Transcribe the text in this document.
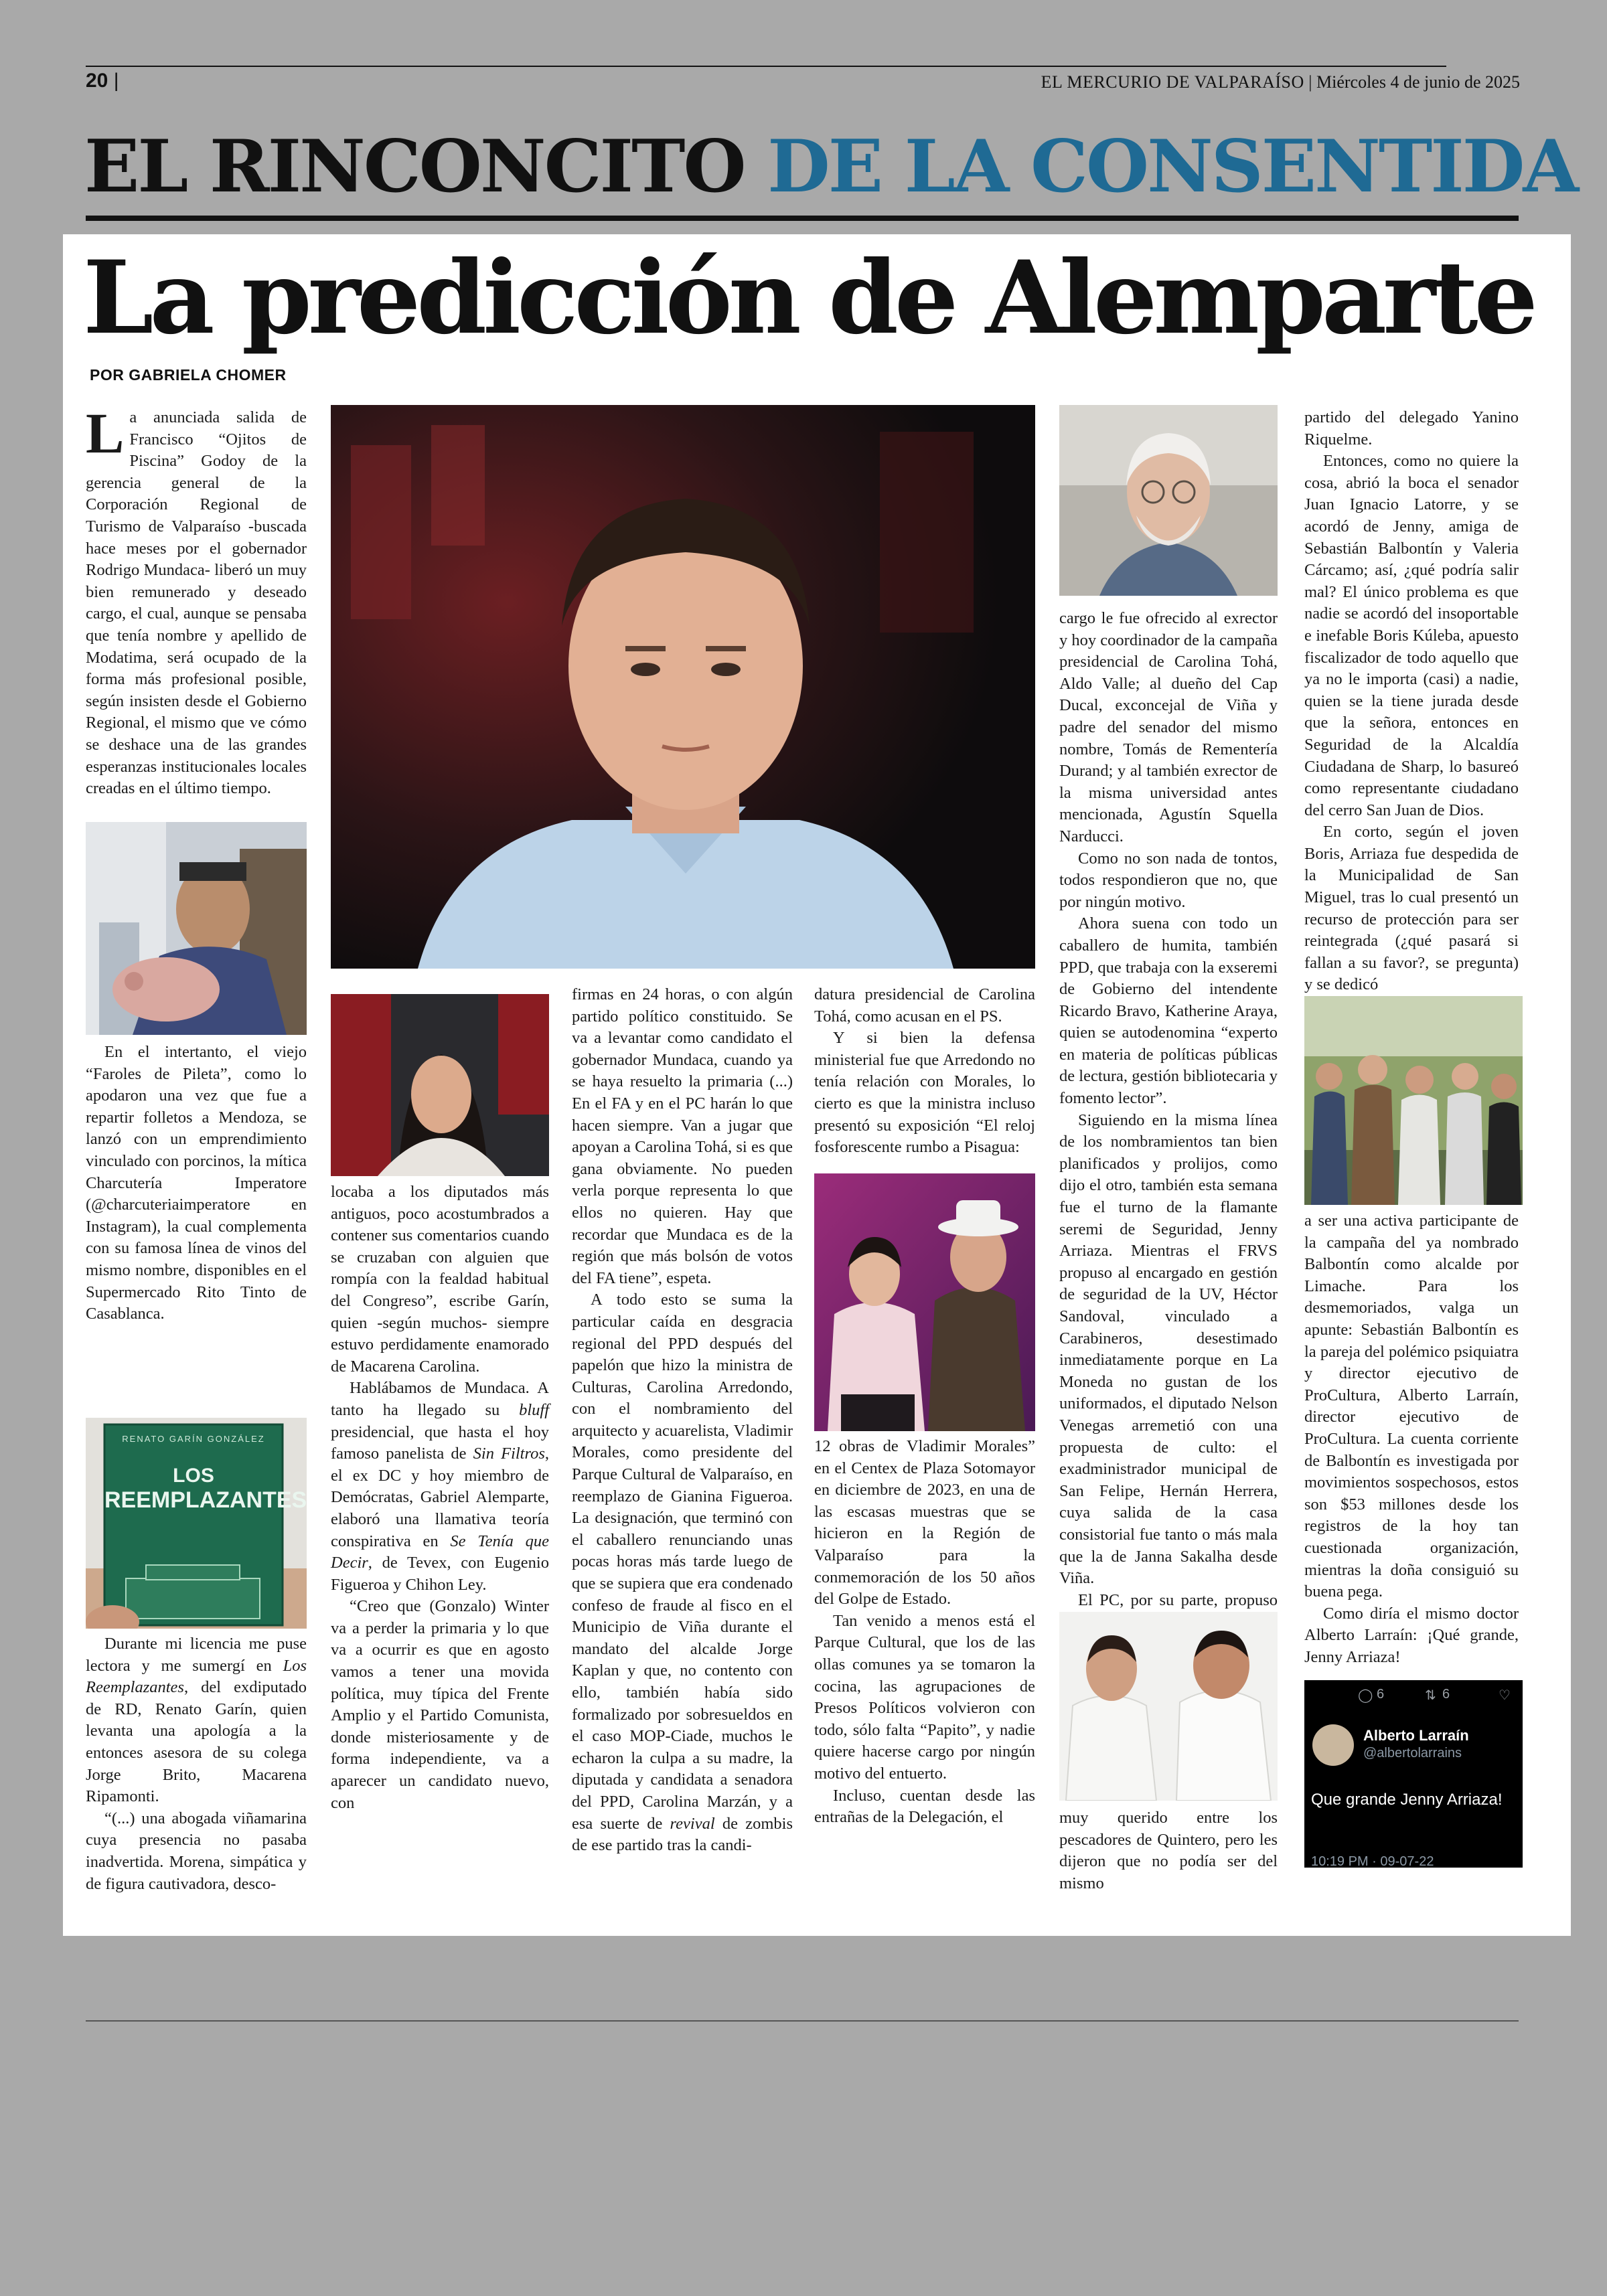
20 |	EL MERCURIO DE VALPARAÍSO | Miércoles 4 de junio de 2025
EL RINCONCITO DE LA CONSENTIDA
La predicción de Alemparte
POR GABRIELA CHOMER

La anunciada salida de Francisco “Ojitos de Piscina” Godoy de la gerencia general de la Corporación Regional de Turismo de Valparaíso -buscada hace meses por el gobernador Rodrigo Mundaca- liberó un muy bien remunerado y deseado cargo, el cual, aunque se pensaba que tenía nombre y apellido de Modatima, será ocupado de la forma más profesional posible, según insisten desde el Gobierno Regional, el mismo que ve cómo se deshace una de las grandes esperanzas institucionales locales creadas en el último tiempo.

En el intertanto, el viejo “Faroles de Pileta”, como lo apodaron una vez que fue a repartir folletos a Mendoza, se lanzó con un emprendimiento vinculado con porcinos, la mítica Charcutería Imperatore (@charcuteriaimperatore en Instagram), la cual complementa con su famosa línea de vinos del mismo nombre, disponibles en el Supermercado Rito Tinto de Casablanca.

RENATO GARÍN GONZÁLEZ
LOS
REEMPLAZANTES

Durante mi licencia me puse lectora y me sumergí en Los Reemplazantes, del exdiputado de RD, Renato Garín, quien levanta una apología a la entonces asesora de su colega Jorge Brito, Macarena Ripamonti.

“(...) una abogada viñamarina cuya presencia no pasaba inadvertida. Morena, simpática y de figura cautivadora, desco-

locaba a los diputados más antiguos, poco acostumbrados a contener sus comentarios cuando se cruzaban con alguien que rompía con la fealdad habitual del Congreso”, escribe Garín, quien -según muchos- siempre estuvo perdidamente enamorado de Macarena Carolina.

Hablábamos de Mundaca. A tanto ha llegado su bluff presidencial, que hasta el hoy famoso panelista de Sin Filtros, el ex DC y hoy miembro de Demócratas, Gabriel Alemparte, elaboró una llamativa teoría conspirativa en Se Tenía que Decir, de Tevex, con Eugenio Figueroa y Chihon Ley.

“Creo que (Gonzalo) Winter va a perder la primaria y lo que va a ocurrir es que en agosto vamos a tener una movida política, muy típica del Frente Amplio y el Partido Comunista, donde misteriosamente y de forma independiente, va a aparecer un candidato nuevo, con

firmas en 24 horas, o con algún partido político constituido. Se va a levantar como candidato el gobernador Mundaca, cuando ya se haya resuelto la primaria (...) En el FA y en el PC harán lo que hacen siempre. Van a jugar que apoyan a Carolina Tohá, si es que gana obviamente. No pueden verla porque representa lo que ellos no quieren. Hay que recordar que Mundaca es de la región que más bolsón de votos del FA tiene”, espeta.

A todo esto se suma la particular caída en desgracia regional del PPD después del papelón que hizo la ministra de Culturas, Carolina Arredondo, con el nombramiento del arquitecto y acuarelista, Vladimir Morales, como presidente del Parque Cultural de Valparaíso, en reemplazo de Gianina Figueroa. La designación, que terminó con el caballero renunciando unas pocas horas más tarde luego de que se supiera que era condenado confeso de fraude al fisco en el Municipio de Viña durante el mandato del alcalde Jorge Kaplan y que, no contento con ello, también había sido formalizado por sobresueldos en el caso MOP-Ciade, muchos le echaron la culpa a su madre, la diputada y candidata a senadora del PPD, Carolina Marzán, y a esa suerte de revival de zombis de ese partido tras la candi-

datura presidencial de Carolina Tohá, como acusan en el PS.

Y si bien la defensa ministerial fue que Arredondo no tenía relación con Morales, lo cierto es que la ministra incluso presentó su exposición “El reloj fosforescente rumbo a Pisagua:

12 obras de Vladimir Morales” en el Centex de Plaza Sotomayor en diciembre de 2023, en una de las escasas muestras que se hicieron en la Región de Valparaíso para la conmemoración de los 50 años del Golpe de Estado.

Tan venido a menos está el Parque Cultural, que los de las ollas comunes ya se tomaron la cocina, las agrupaciones de Presos Políticos volvieron con todo, sólo falta “Papito”, y nadie quiere hacerse cargo por ningún motivo del entuerto.

Incluso, cuentan desde las entrañas de la Delegación, el

cargo le fue ofrecido al exrector y hoy coordinador de la campaña presidencial de Carolina Tohá, Aldo Valle; al dueño del Cap Ducal, exconcejal de Viña y padre del senador del mismo nombre, Tomás de Rementería Durand; y al también exrector de la misma universidad antes mencionada, Agustín Squella Narducci.

Como no son nada de tontos, todos respondieron que no, que por ningún motivo.

Ahora suena con todo un caballero de humita, también PPD, que trabaja con la exseremi de Gobierno del intendente Ricardo Bravo, Katherine Araya, quien se autodenomina “experto en materia de políticas públicas de lectura, gestión bibliotecaria y fomento lector”.

Siguiendo en la misma línea de los nombramientos tan bien planificados y prolijos, como dijo el otro, también esta semana fue el turno de la flamante seremi de Seguridad, Jenny Arriaza. Mientras el FRVS propuso al encargado en gestión de seguridad de la UV, Héctor Sandoval, vinculado a Carabineros, desestimado inmediatamente porque en La Moneda no gustan de los uniformados, el diputado Nelson Venegas arremetió con una propuesta de culto: el exadministrador municipal de San Felipe, Hernán Herrera, cuya salida de la casa consistorial fue tanto o más mala que la de Janna Sakalha desde Viña.

El PC, por su parte, propuso

muy querido entre los pescadores de Quintero, pero les dijeron que no podía ser del mismo

partido del delegado Yanino Riquelme.

Entonces, como no quiere la cosa, abrió la boca el senador Juan Ignacio Latorre, y se acordó de Jenny, amiga de Sebastián Balbontín y Valeria Cárcamo; así, ¿qué podría salir mal? El único problema es que nadie se acordó del insoportable e inefable Boris Kúleba, apuesto fiscalizador de todo aquello que ya no le importa (casi) a nadie, quien se la tiene jurada desde que la señora, entonces en Seguridad de la Alcaldía Ciudadana de Sharp, lo basureó como representante ciudadano del cerro San Juan de Dios.

En corto, según el joven Boris, Arriaza fue despedida de la Municipalidad de San Miguel, tras lo cual presentó un recurso de protección para ser reintegrada (¿qué pasará si fallan a su favor?, se pregunta) y se dedicó

a ser una activa participante de la campaña del ya nombrado Balbontín como alcalde por Limache. Para los desmemoriados, valga un apunte: Sebastián Balbontín es la pareja del polémico psiquiatra y director ejecutivo de ProCultura, Alberto Larraín, director ejecutivo de ProCultura. La cuenta corriente de Balbontín es investigada por movimientos sospechosos, estos son $53 millones desde los registros de la hoy tan cuestionada organización, mientras la doña consiguió su buena pega.

Como diría el mismo doctor Alberto Larraín: ¡Qué grande, Jenny Arriaza!

◯ 6	⇅ 6	♡
Alberto Larraín
@albertolarrains
Que grande Jenny Arriaza!
10:19 PM · 09-07-22
